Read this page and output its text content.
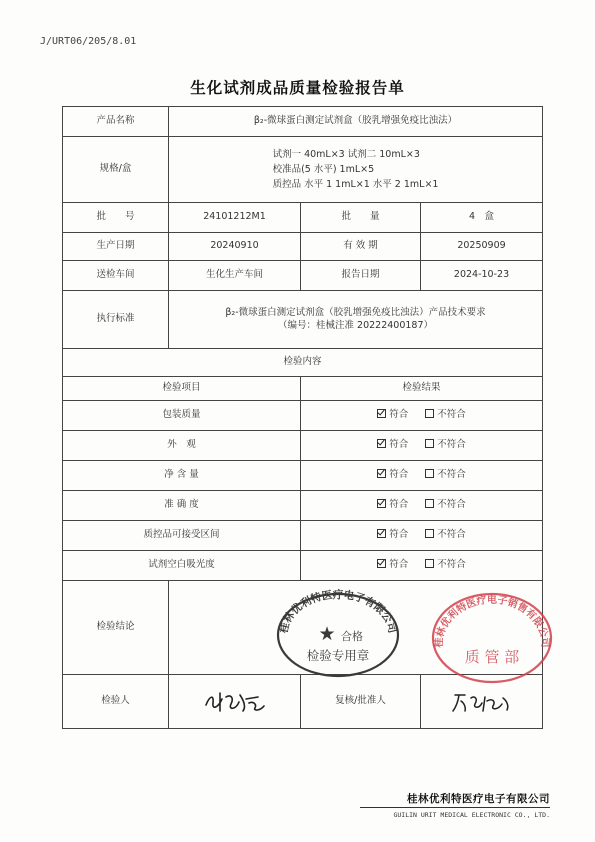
J/URT06/205/8.01
生化试剂成品质量检验报告单
产品名称	β₂-微球蛋白测定试剂盒（胶乳增强免疫比浊法）		
规格/盒	试剂一 40mL×3 试剂二 10mL×3
校准品(5 水平) 1mL×5
质控品 水平 1 1mL×1 水平 2 1mL×1		

批　　号	24101212M1	批　　量	4　盒
生产日期	20240910	有 效 期	20250909
送检车间	生化生产车间	报告日期	2024-10-23
执行标准	β₂-微球蛋白测定试剂盒（胶乳增强免疫比浊法）产品技术要求
（编号：桂械注准 20222400187）		

检验内容			
检验项目		检验结果	
包装质量		符合 不符合	
外　观		符合 不符合	
净 含 量		符合 不符合	
准 确 度		符合 不符合	
质控品可接受区间		符合 不符合	
试剂空白吸光度		符合 不符合	
检验结论			
检验人		复核/批准人	
桂林优利特医疗电子有限公司
★ 合格
检验专用章
桂林优利特医疗电子销售有限公司
质 管 部
桂林优利特医疗电子有限公司
GUILIN URIT MEDICAL ELECTRONIC CO., LTD.
